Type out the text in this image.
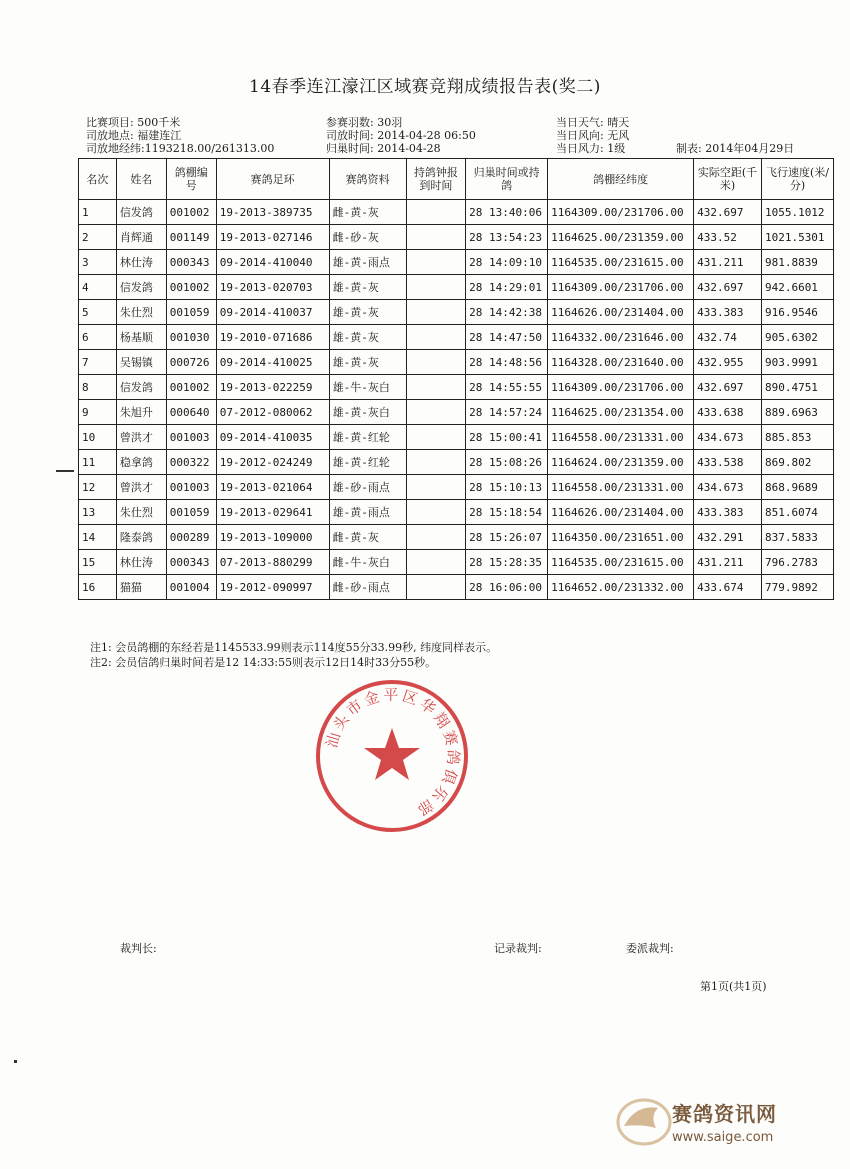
14春季连江濠江区域赛竞翔成绩报告表(奖二)
比赛项目: 500千米
司放地点: 福建连江
司放地经纬:1193218.00/261313.00
参赛羽数: 30羽
司放时间: 2014-04-28 06:50
归巢时间: 2014-04-28
当日天气: 晴天
当日风向: 无风
当日风力: 1级	制表: 2014年04月29日
名次	姓名	鸽棚编号	赛鸽足环	赛鸽资料	持鸽钟报到时间	归巢时间或持鸽	鸽棚经纬度	实际空距(千米)	飞行速度(米/分)
1	信发鸽	001002	19-2013-389735	雌-黄-灰		28 13:40:06	1164309.00/231706.00	432.697	1055.1012
2	肖辉通	001149	19-2013-027146	雌-砂-灰		28 13:54:23	1164625.00/231359.00	433.52	1021.5301
3	林仕涛	000343	09-2014-410040	雄-黄-雨点		28 14:09:10	1164535.00/231615.00	431.211	981.8839
4	信发鸽	001002	19-2013-020703	雄-黄-灰		28 14:29:01	1164309.00/231706.00	432.697	942.6601
5	朱仕烈	001059	09-2014-410037	雄-黄-灰		28 14:42:38	1164626.00/231404.00	433.383	916.9546
6	杨基顺	001030	19-2010-071686	雄-黄-灰		28 14:47:50	1164332.00/231646.00	432.74	905.6302
7	吴锡镇	000726	09-2014-410025	雄-黄-灰		28 14:48:56	1164328.00/231640.00	432.955	903.9991
8	信发鸽	001002	19-2013-022259	雄-牛-灰白		28 14:55:55	1164309.00/231706.00	432.697	890.4751
9	朱旭升	000640	07-2012-080062	雄-黄-灰白		28 14:57:24	1164625.00/231354.00	433.638	889.6963
10	曾洪才	001003	09-2014-410035	雄-黄-红轮		28 15:00:41	1164558.00/231331.00	434.673	885.853
11	稳拿鸽	000322	19-2012-024249	雄-黄-红轮		28 15:08:26	1164624.00/231359.00	433.538	869.802
12	曾洪才	001003	19-2013-021064	雄-砂-雨点		28 15:10:13	1164558.00/231331.00	434.673	868.9689
13	朱仕烈	001059	19-2013-029641	雄-黄-雨点		28 15:18:54	1164626.00/231404.00	433.383	851.6074
14	隆泰鸽	000289	19-2013-109000	雌-黄-灰		28 15:26:07	1164350.00/231651.00	432.291	837.5833
15	林仕涛	000343	07-2013-880299	雌-牛-灰白		28 15:28:35	1164535.00/231615.00	431.211	796.2783
16	猫猫	001004	19-2012-090997	雌-砂-雨点		28 16:06:00	1164652.00/231332.00	433.674	779.9892
注1: 会员鸽棚的东经若是1145533.99则表示114度55分33.99秒, 纬度同样表示。
注2: 会员信鸽归巢时间若是12 14:33:55则表示12日14时33分55秒。
汕头市金平区华翔赛鸽俱乐部
裁判长:	记录裁判:	委派裁判:
第1页(共1页)
赛鸽资讯网
www.saige.com
